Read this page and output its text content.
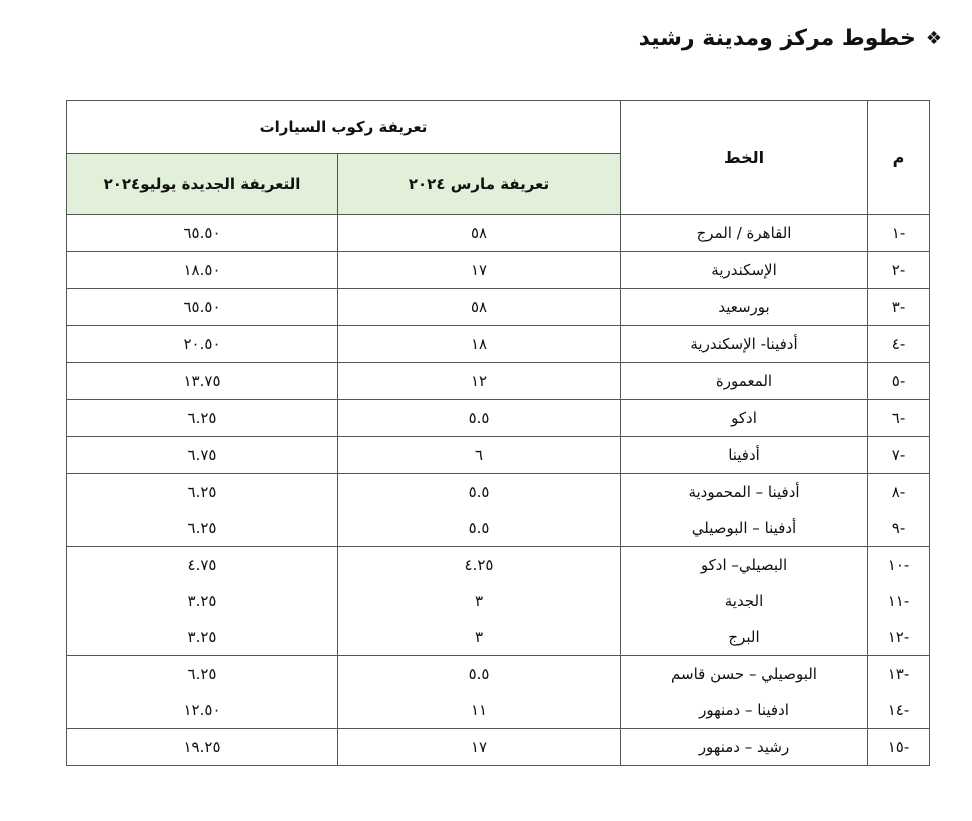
❖
خطوط مركز ومدينة رشيد
م	الخط	تعريفة ركوب السيارات	
		تعريفة مارس ٢٠٢٤	التعريفة الجديدة يوليو٢٠٢٤
-١	القاهرة / المرج	٥٨	٦٥.٥٠
-٢	الإسكندرية	١٧	١٨.٥٠
-٣	بورسعيد	٥٨	٦٥.٥٠
-٤	أدفينا- الإسكندرية	١٨	٢٠.٥٠
-٥	المعمورة	١٢	١٣.٧٥
-٦	ادكو	٥.٥	٦.٢٥
-٧	أدفينا	٦	٦.٧٥
-٨	أدفينا – المحمودية	٥.٥	٦.٢٥
-٩	أدفينا – البوصيلي	٥.٥	٦.٢٥
-١٠	البصيلي– ادكو	٤.٢٥	٤.٧٥
-١١	الجدية	٣	٣.٢٥
-١٢	البرج	٣	٣.٢٥
-١٣	البوصيلي – حسن قاسم	٥.٥	٦.٢٥
-١٤	ادفينا – دمنهور	١١	١٢.٥٠
-١٥	رشيد – دمنهور	١٧	١٩.٢٥
